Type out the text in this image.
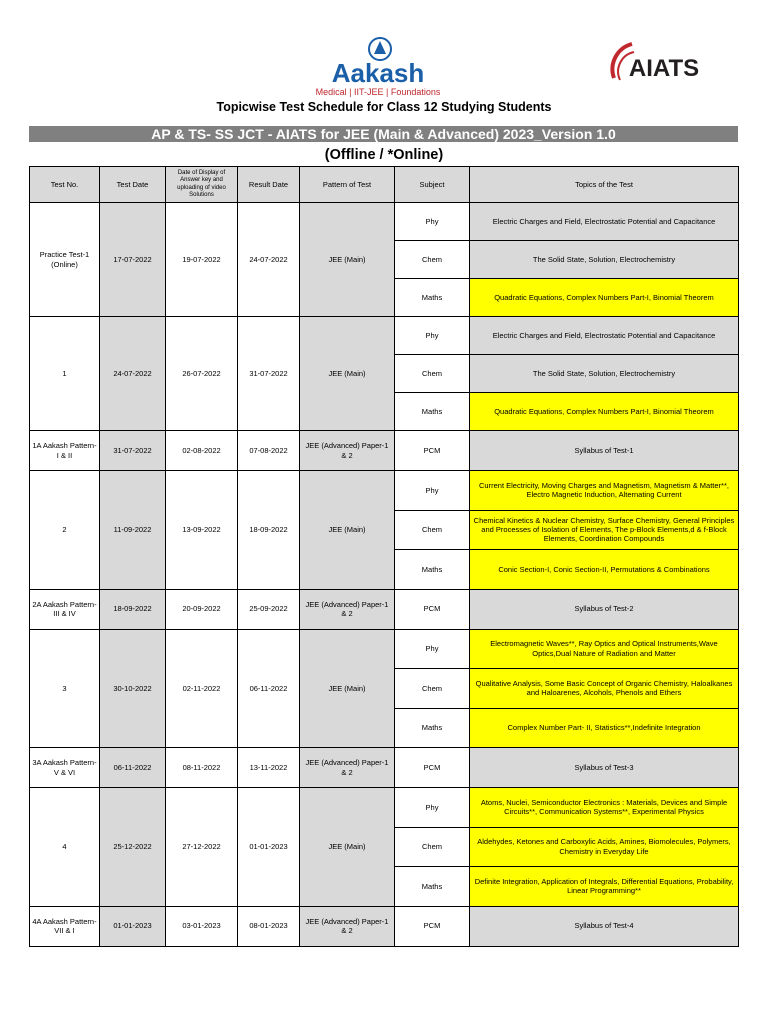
Aakash
Medical | IIT-JEE | Foundations
AIATS
Topicwise Test Schedule for Class 12 Studying Students
AP & TS- SS JCT - AIATS for JEE (Main & Advanced) 2023_Version 1.0
(Offline / *Online)
Test No.	Test Date	Date of Display of Answer key and uploading of video Solutions	Result Date	Pattern of Test	Subject	Topics of the Test
Practice Test-1 (Online)	17-07-2022	19-07-2022	24-07-2022	JEE (Main)	Phy	Electric Charges and Field, Electrostatic Potential and Capacitance
					Chem	The Solid State, Solution, Electrochemistry
					Maths	Quadratic Equations, Complex Numbers Part-I, Binomial Theorem
1	24-07-2022	26-07-2022	31-07-2022	JEE (Main)	Phy	Electric Charges and Field, Electrostatic Potential and Capacitance
					Chem	The Solid State, Solution, Electrochemistry
					Maths	Quadratic Equations, Complex Numbers Part-I, Binomial Theorem
1A Aakash Pattern- I & II	31-07-2022	02-08-2022	07-08-2022	JEE (Advanced) Paper-1 & 2	PCM	Syllabus of Test-1
2	11-09-2022	13-09-2022	18-09-2022	JEE (Main)	Phy	Current Electricity, Moving Charges and Magnetism, Magnetism & Matter**, Electro Magnetic Induction, Alternating Current
					Chem	Chemical Kinetics & Nuclear Chemistry, Surface Chemistry, General Principles and Processes of Isolation of Elements, The p-Block Elements,d & f-Block Elements, Coordination Compounds
					Maths	Conic Section-I, Conic Section-II, Permutations & Combinations
2A Aakash Pattern- III & IV	18-09-2022	20-09-2022	25-09-2022	JEE (Advanced) Paper-1 & 2	PCM	Syllabus of Test-2
3	30-10-2022	02-11-2022	06-11-2022	JEE (Main)	Phy	Electromagnetic Waves**, Ray Optics and Optical Instruments,Wave Optics,Dual Nature of Radiation and Matter
					Chem	Qualitative Analysis, Some Basic Concept of Organic Chemistry, Haloalkanes and Haloarenes, Alcohols, Phenols and Ethers
					Maths	Complex Number Part- II, Statistics**,Indefinite Integration
3A Aakash Pattern- V & VI	06-11-2022	08-11-2022	13-11-2022	JEE (Advanced) Paper-1 & 2	PCM	Syllabus of Test-3
4	25-12-2022	27-12-2022	01-01-2023	JEE (Main)	Phy	Atoms, Nuclei, Semiconductor Electronics : Materials, Devices and Simple Circuits**, Communication Systems**, Experimental Physics
					Chem	Aldehydes, Ketones and Carboxylic Acids, Amines, Biomolecules, Polymers, Chemistry in Everyday Life
					Maths	Definite Integration, Application of Integrals, Differential Equations, Probability, Linear Programming**
4A Aakash Pattern- VII & I	01-01-2023	03-01-2023	08-01-2023	JEE (Advanced) Paper-1 & 2	PCM	Syllabus of Test-4
